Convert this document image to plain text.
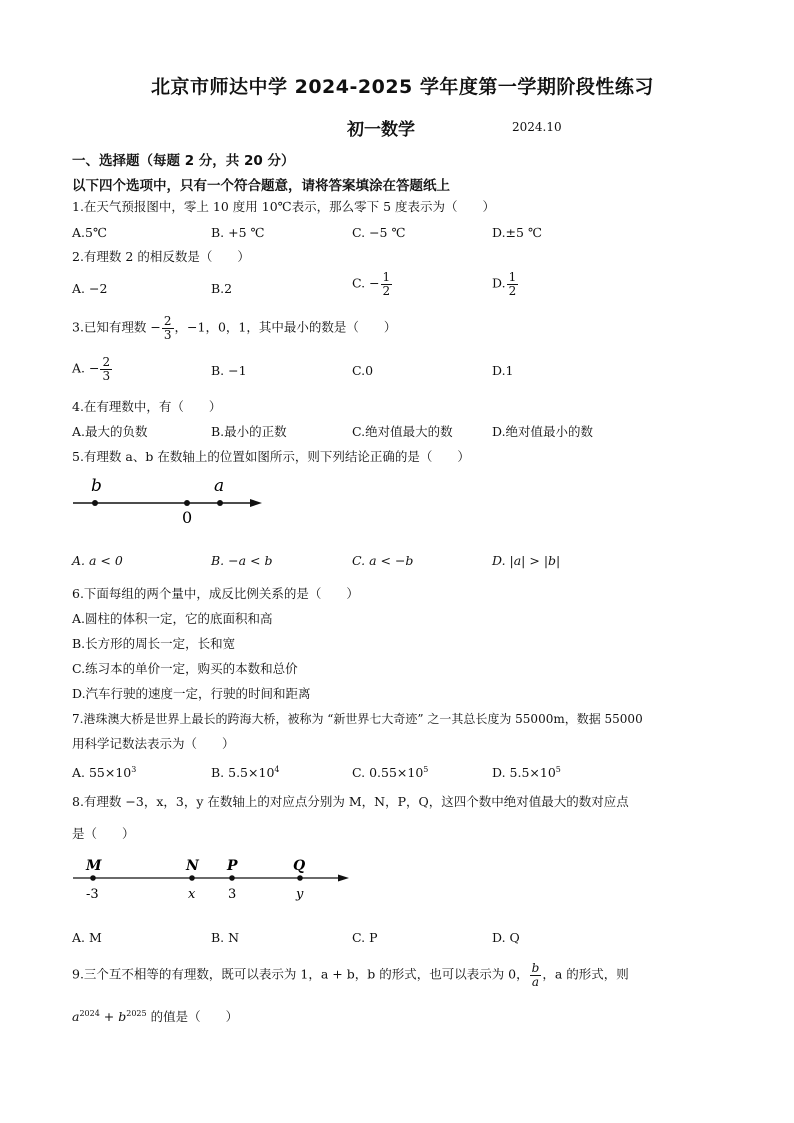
北京市师达中学 2024-2025 学年度第一学期阶段性练习
初一数学	2024.10
一、选择题（每题 2 分，共 20 分）
以下四个选项中，只有一个符合题意，请将答案填涂在答题纸上
1.在天气预报图中，零上 10 度用 10℃表示，那么零下 5 度表示为（　　）
A.5℃	B. +5 ℃	C. −5 ℃	D.±5 ℃
2.有理数 2 的相反数是（　　）
A. −2	B.2	C. − $\frac{1}{2}$	D. $\frac{1}{2}$
3.已知有理数 − $\frac{2}{3}$ ，−1，0，1，其中最小的数是（　　）
A. − $\frac{2}{3}$	B. −1	C.0	D.1
4.在有理数中，有（　　）
A.最大的负数	B.最小的正数	C.绝对值最大的数	D.绝对值最小的数
5.有理数 a、b 在数轴上的位置如图所示，则下列结论正确的是（　　）
b	a
0
A. a < 0	B. −a < b	C. a < −b	D. |a| > |b|
6.下面每组的两个量中，成反比例关系的是（　　）
A.圆柱的体积一定，它的底面积和高
B.长方形的周长一定，长和宽
C.练习本的单价一定，购买的本数和总价
D.汽车行驶的速度一定，行驶的时间和距离
7.港珠澳大桥是世界上最长的跨海大桥，被称为 “新世界七大奇迹” 之一其总长度为 55000m，数据 55000
用科学记数法表示为（　　）
A. $55\times 10^3$	B. $5.5\times 10^4$	C. $0.55\times 10^5$	D. $5.5\times 10^5$
8.有理数 −3，x，3，y 在数轴上的对应点分别为 M，N，P，Q，这四个数中绝对值最大的数对应点
是（　　）
M	N P	Q
-3	x	3	y
A. M	B. N	C. P	D. Q
9.三个互不相等的有理数，既可以表示为 1，a + b，b 的形式，也可以表示为 0， $\frac{b}{a}$ ，a 的形式，则
$a^{2024} + b^{2025}$ 的值是（　　）
